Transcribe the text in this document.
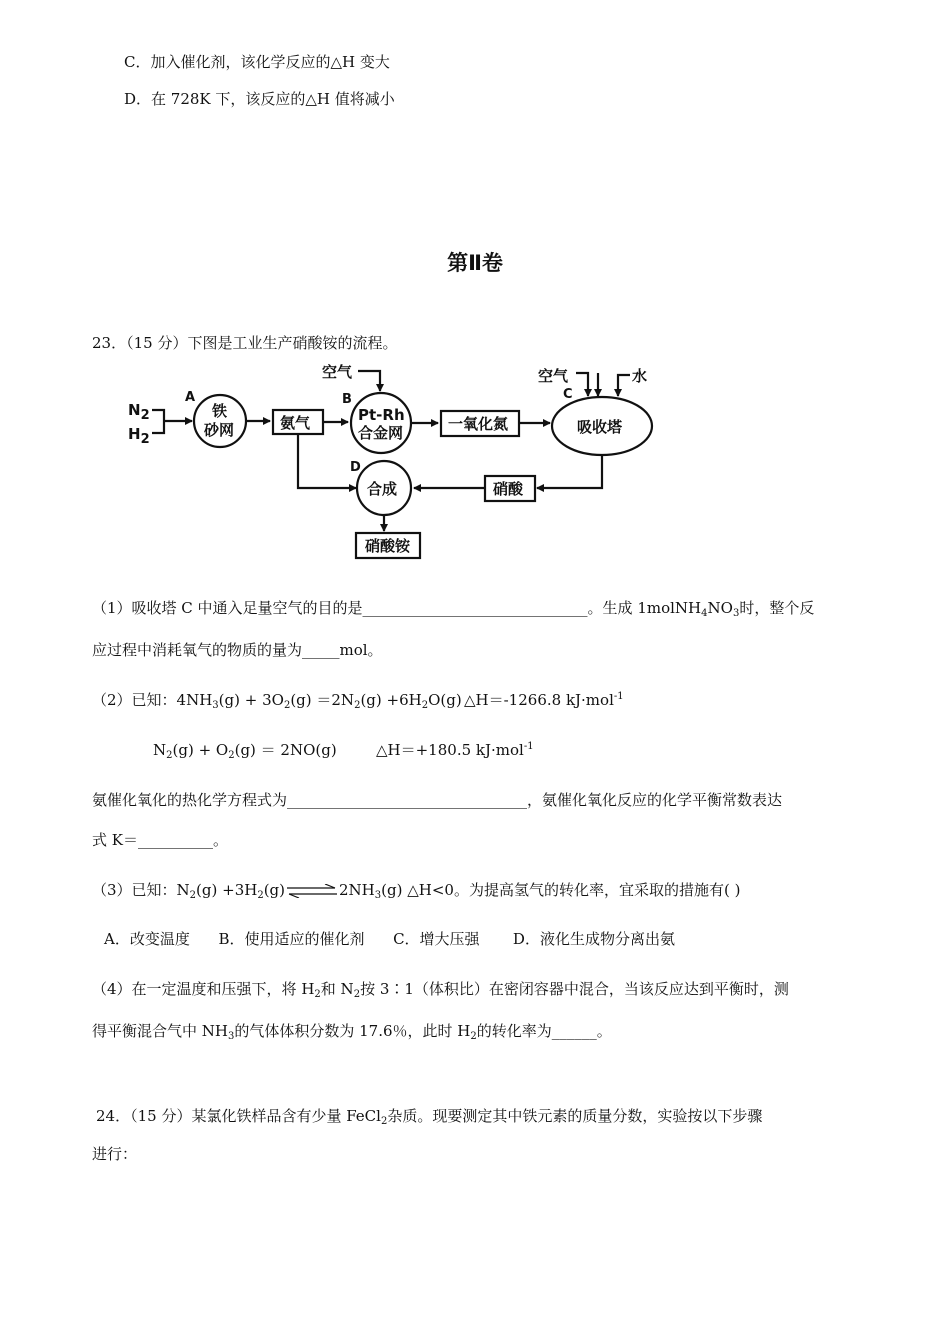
C．加入催化剂，该化学反应的△H 变大
D．在 728K 下，该反应的△H 值将减小
第Ⅱ卷
23．（15 分）下图是工业生产硝酸铵的流程。
N2
H2
A
铁
砂网	氨气
空气
B
Pt-Rh
合金网	一氧化氮
空气
C
水
吸收塔
D
合成	硝酸
硝酸铵
（1）吸收塔 C 中通入足量空气的目的是______________________________。生成 $1molNH_4NO_3$时，整个反
应过程中消耗氧气的物质的量为_____mol。
（2）已知：$4NH_3(g) + 3O_2(g) =2N_2(g) +6H_2O(g)$ △H＝-1266.8 kJ·mol$^{-1}$
$N_2(g) + O_2(g) = 2NO(g)$	△H＝+180.5 kJ·mol$^{-1}$
氨催化氧化的热化学方程式为________________________________，氨催化氧化反应的化学平衡常数表达
式 K＝__________。
（3）已知：$N_2(g)$ $+3H_2(g)\rightleftharpoons 2NH_3(g)$ △H<0。为提高氢气的转化率，宜采取的措施有( )
A．改变温度      B．使用适应的催化剂      C．增大压强       D．液化生成物分离出氨
（4）在一定温度和压强下，将 $H_2$和 $N_2$按 3∶1（体积比）在密闭容器中混合，当该反应达到平衡时，测
得平衡混合气中 $NH_3$的气体体积分数为 17.6％，此时 $H_2$的转化率为______。
24．（15 分）某氯化铁样品含有少量 FeCl$_2$杂质。现要测定其中铁元素的质量分数，实验按以下步骤
进行：
